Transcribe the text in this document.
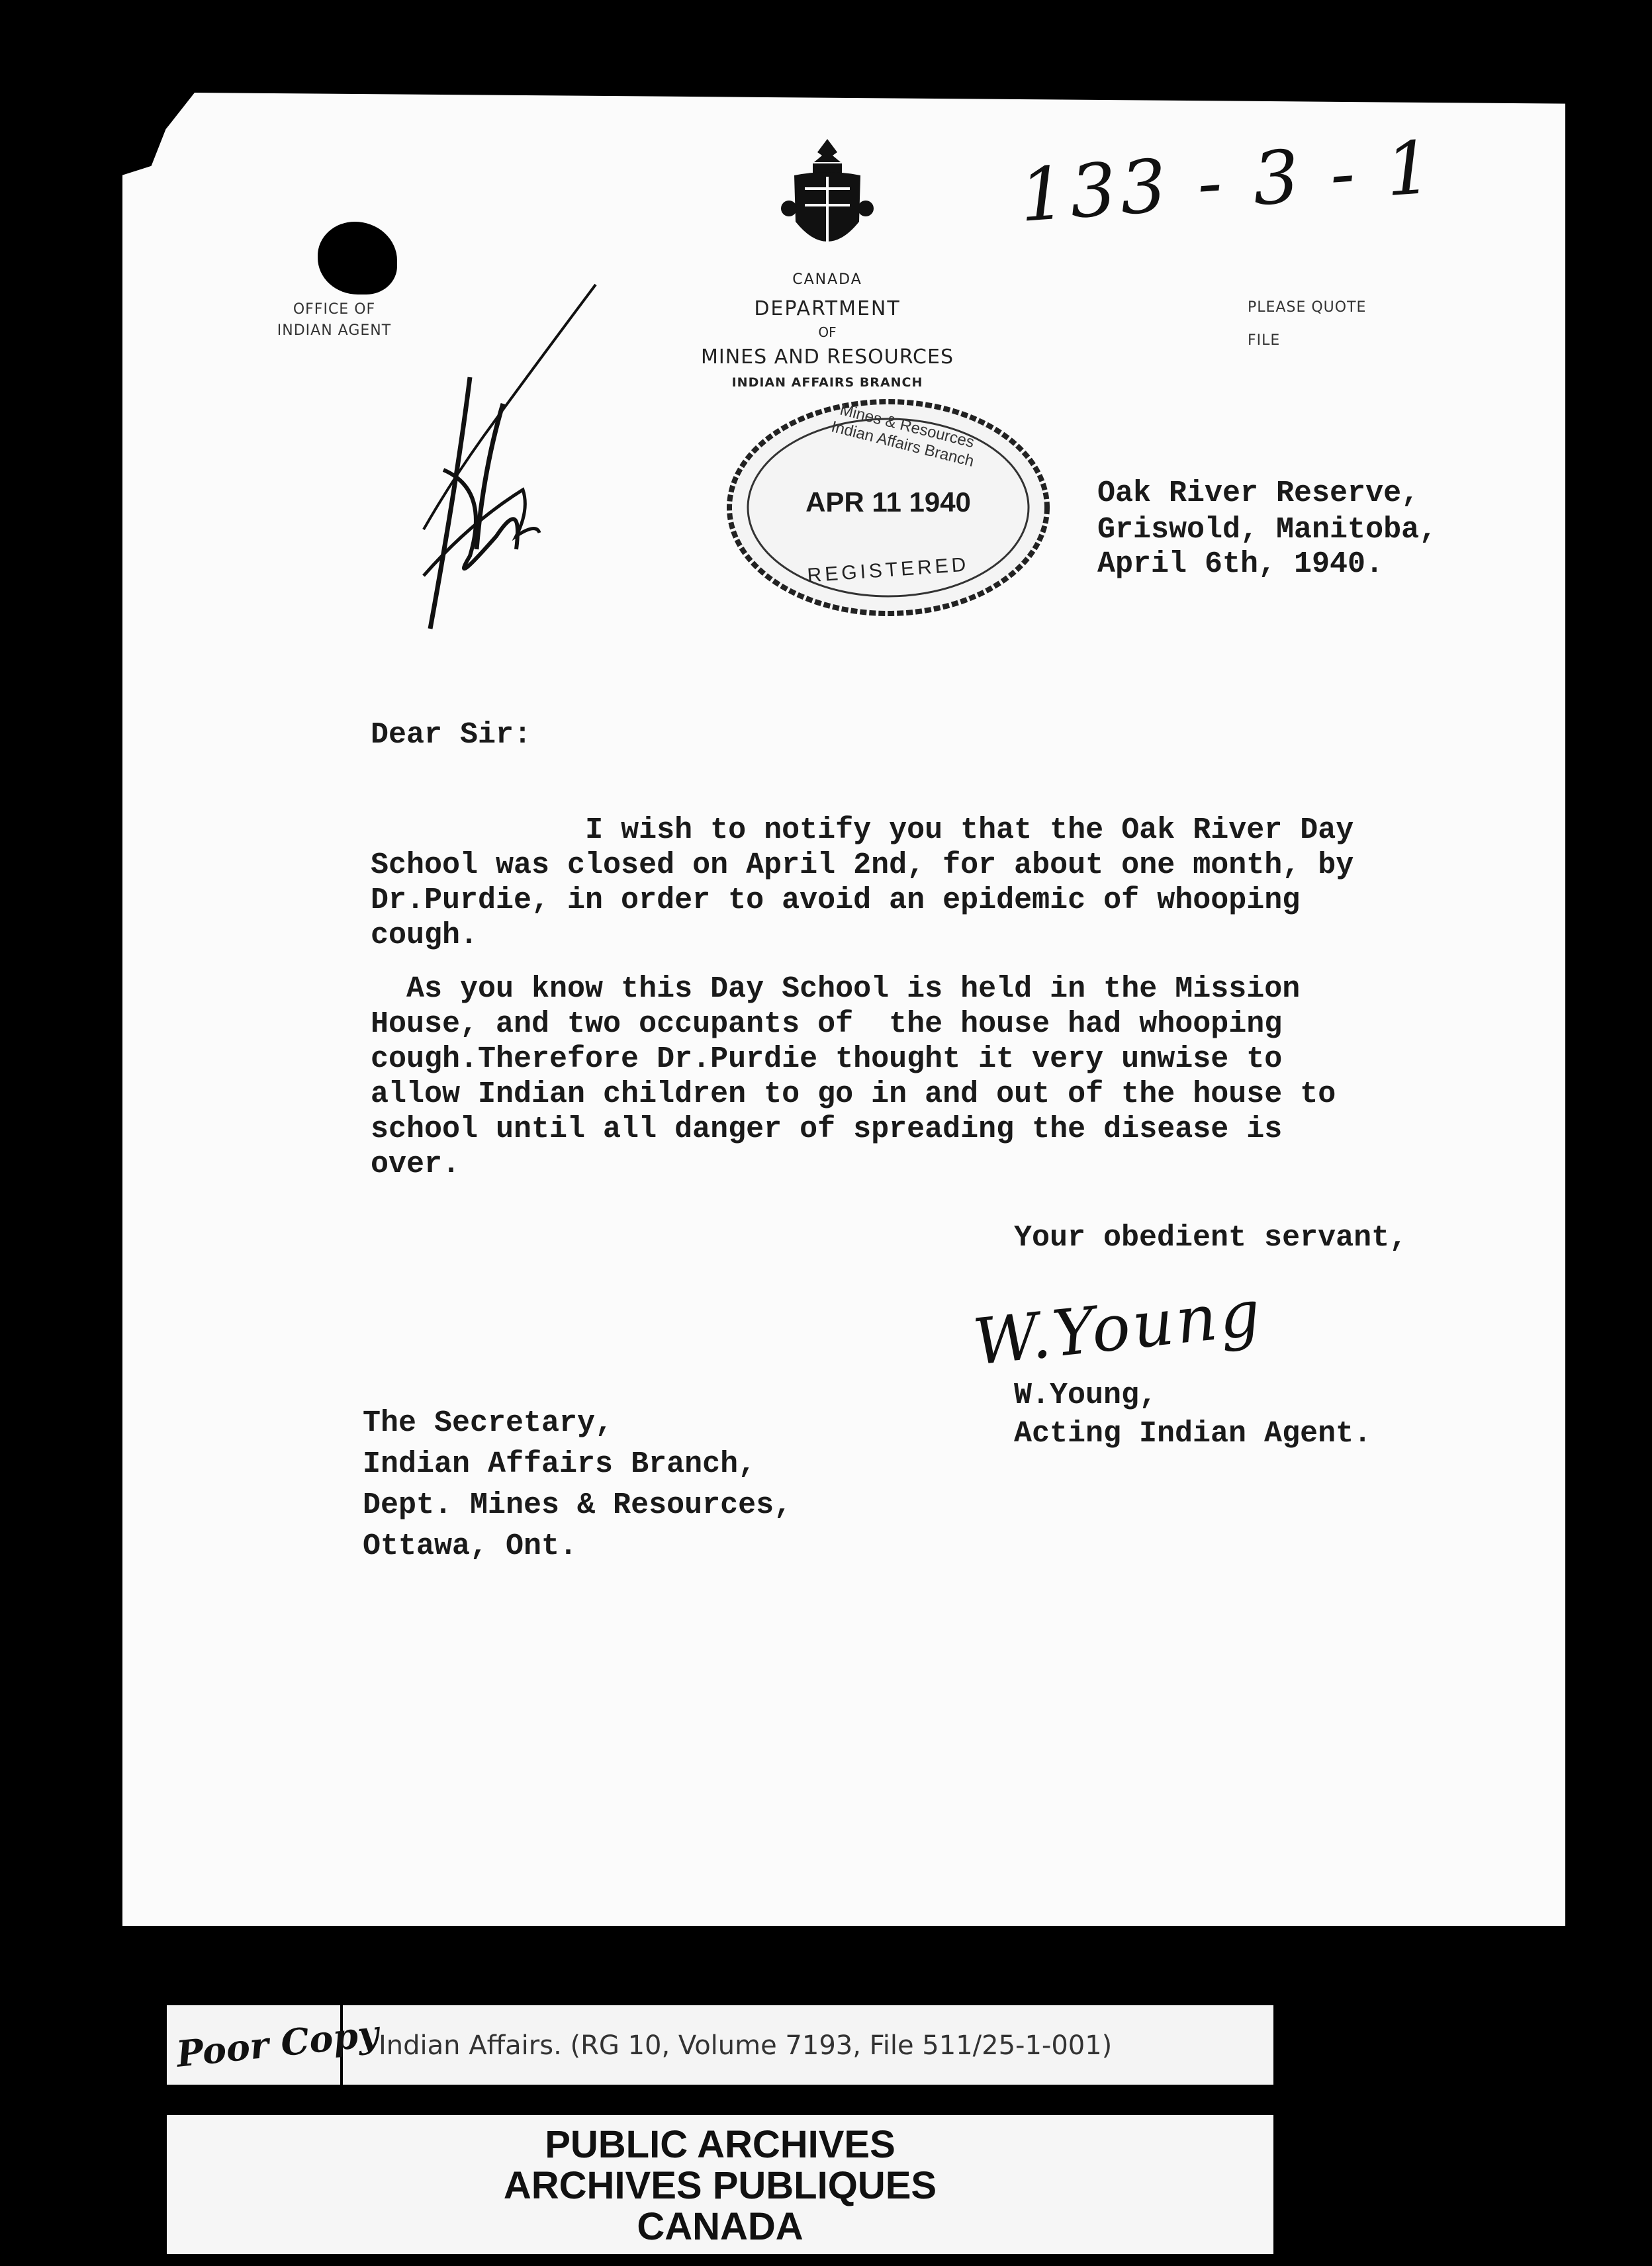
133 - 3 - 1
OFFICE OF
INDIAN AGENT
CANADA
DEPARTMENT
OF
MINES AND RESOURCES
INDIAN AFFAIRS BRANCH
PLEASE QUOTE
FILE
Mines & Resources Indian Affairs Branch
APR 11 1940
REGISTERED
Oak River Reserve,
Griswold, Manitoba,
April 6th, 1940.
Dear Sir:

I wish to notify you that the Oak River Day
School was closed on April 2nd, for about one month, by
Dr.Purdie, in order to avoid an epidemic of whooping
cough.

As you know this Day School is held in the Mission
House, and two occupants of  the house had whooping
cough.Therefore Dr.Purdie thought it very unwise to
allow Indian children to go in and out of the house to
school until all danger of spreading the disease is
over.

Your obedient servant,
W.Young
W.Young,
Acting Indian Agent.
The Secretary,
Indian Affairs Branch,
Dept. Mines & Resources,
Ottawa, Ont.
Poor Copy
Indian Affairs. (RG 10, Volume 7193, File 511/25-1-001)
PUBLIC ARCHIVES
ARCHIVES PUBLIQUES
CANADA
